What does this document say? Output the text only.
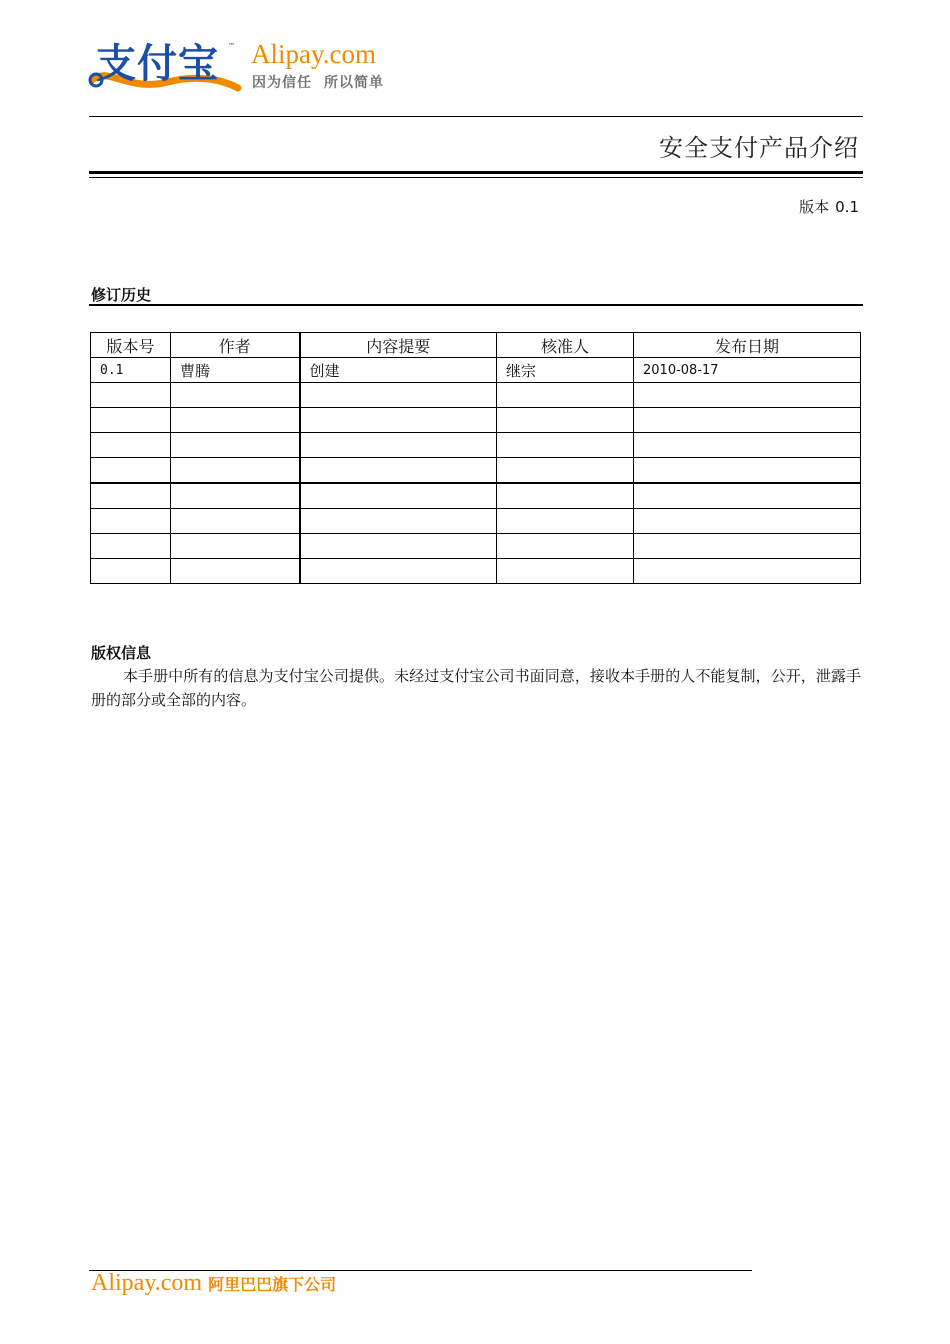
支付宝 ™ Alipay.com
因为信任 所以简单
安全支付产品介绍
版本 0.1
修订历史
版本号	作者	内容提要	核准人	发布日期
0.1	曹腾	创建	继宗	2010-08-17

版权信息
本手册中所有的信息为支付宝公司提供。未经过支付宝公司书面同意，接收本手册的人不能复制，公开，泄露手册的部分或全部的内容。
Alipay.com 阿里巴巴旗下公司
